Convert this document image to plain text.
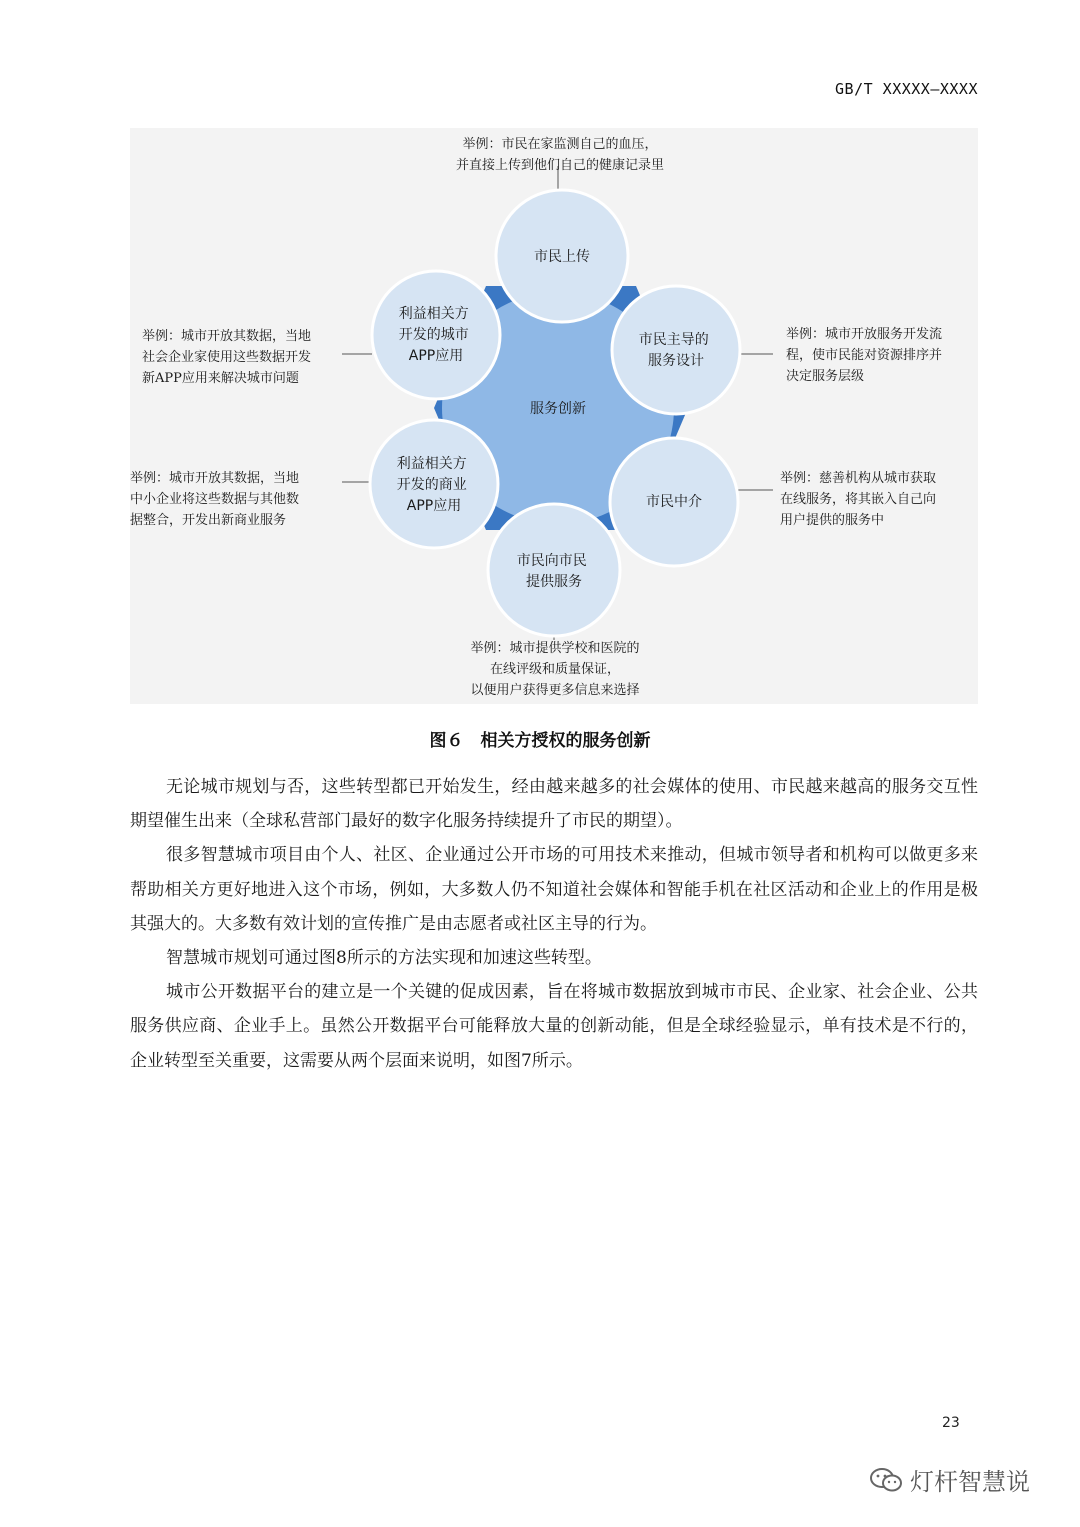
GB/T XXXXX—XXXX
服务创新
市民上传
市民主导的 服务设计
市民中介
市民向市民 提供服务
利益相关方 开发的商业 APP应用
利益相关方 开发的城市 APP应用
举例：市民在家监测自己的血压，
并直接上传到他们自己的健康记录里
举例：城市开放服务开发流
程，使市民能对资源排序并
决定服务层级
举例：慈善机构从城市获取
在线服务，将其嵌入自己向
用户提供的服务中
举例：城市提供学校和医院的
在线评级和质量保证，
以便用户获得更多信息来选择
举例：城市开放其数据，当地
中小企业将这些数据与其他数
据整合，开发出新商业服务
举例：城市开放其数据，当地
社会企业家使用这些数据开发
新APP应用来解决城市问题
图６　相关方授权的服务创新

无论城市规划与否，这些转型都已开始发生，经由越来越多的社会媒体的使用、市民越来越高的服务交互性期望催生出来（全球私营部门最好的数字化服务持续提升了市民的期望）。

很多智慧城市项目由个人、社区、企业通过公开市场的可用技术来推动，但城市领导者和机构可以做更多来帮助相关方更好地进入这个市场，例如，大多数人仍不知道社会媒体和智能手机在社区活动和企业上的作用是极其强大的。大多数有效计划的宣传推广是由志愿者或社区主导的行为。

智慧城市规划可通过图8所示的方法实现和加速这些转型。

城市公开数据平台的建立是一个关键的促成因素，旨在将城市数据放到城市市民、企业家、社会企业、公共服务供应商、企业手上。虽然公开数据平台可能释放大量的创新动能，但是全球经验显示，单有技术是不行的，企业转型至关重要，这需要从两个层面来说明，如图7所示。

23
灯杆智慧说
